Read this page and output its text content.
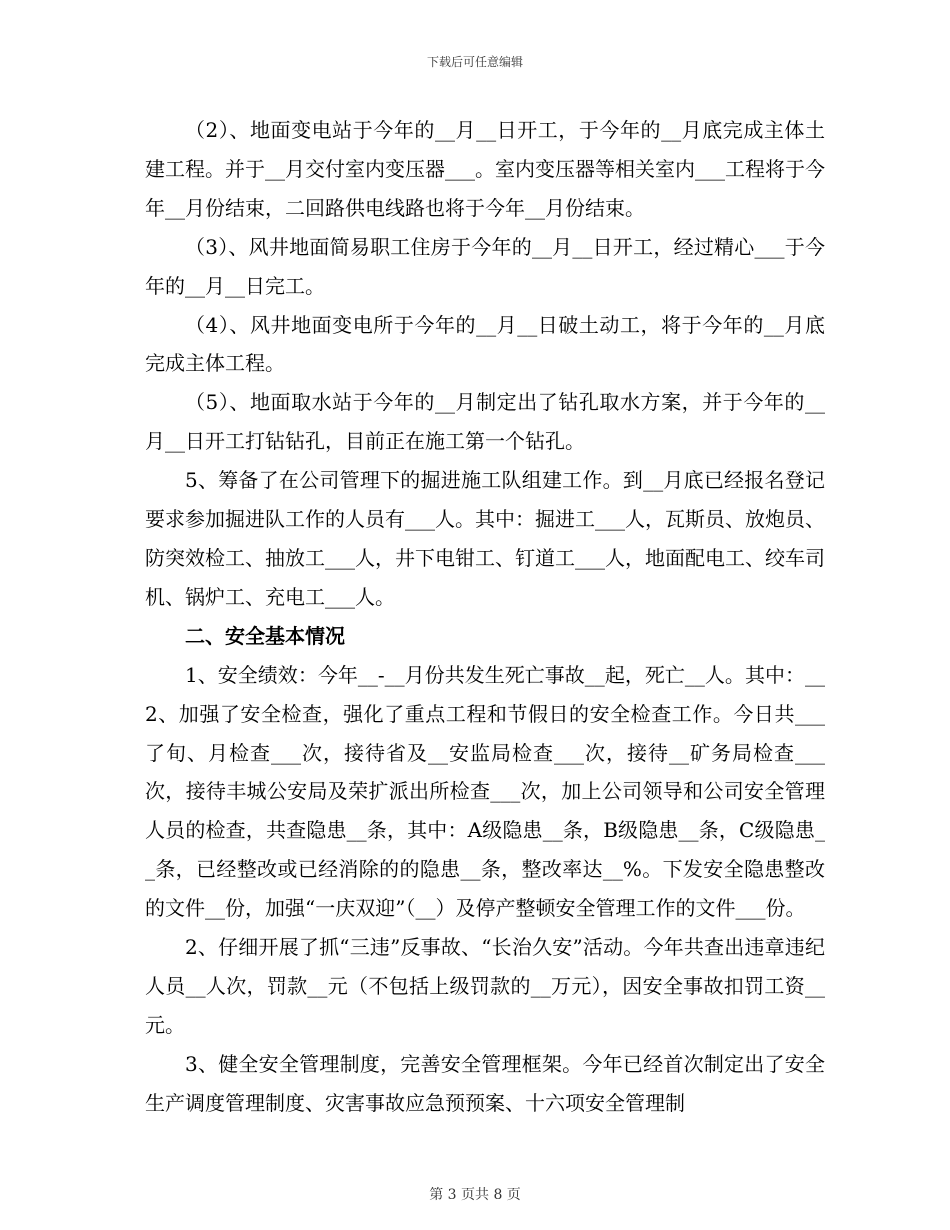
下载后可任意编辑

（2）、地面变电站于今年的__月__日开工，于今年的__月底完成主体土建工程。并于__月交付室内变压器___。室内变压器等相关室内___工程将于今年__月份结束，二回路供电线路也将于今年__月份结束。

（3）、风井地面简易职工住房于今年的__月__日开工，经过精心___于今年的__月__日完工。

（4）、风井地面变电所于今年的__月__日破土动工，将于今年的__月底完成主体工程。

（5）、地面取水站于今年的__月制定出了钻孔取水方案，并于今年的__月__日开工打钻钻孔，目前正在施工第一个钻孔。

5、筹备了在公司管理下的掘进施工队组建工作。到__月底已经报名登记要求参加掘进队工作的人员有___人。其中：掘进工___人，瓦斯员、放炮员、防突效检工、抽放工___人，井下电钳工、钉道工___人，地面配电工、绞车司机、锅炉工、充电工___人。

二、安全基本情况

1、安全绩效：今年__-__月份共发生死亡事故__起，死亡__人。其中：__2、加强了安全检查，强化了重点工程和节假日的安全检查工作。今日共___了旬、月检查___次，接待省及__安监局检查___次，接待__矿务局检查___次，接待丰城公安局及荣扩派出所检查___次，加上公司领导和公司安全管理人员的检查，共查隐患__条，其中：A级隐患__条，B级隐患__条，C级隐患__条，已经整改或已经消除的的隐患__条，整改率达__%。下发安全隐患整改的文件__份，加强“一庆双迎”（__）及停产整顿安全管理工作的文件___份。

2、仔细开展了抓“三违”反事故、“长治久安”活动。今年共查出违章违纪人员__人次，罚款__元（不包括上级罚款的__万元），因安全事故扣罚工资__元。

3、健全安全管理制度，完善安全管理框架。今年已经首次制定出了安全生产调度管理制度、灾害事故应急预预案、十六项安全管理制

第 3 页共 8 页
